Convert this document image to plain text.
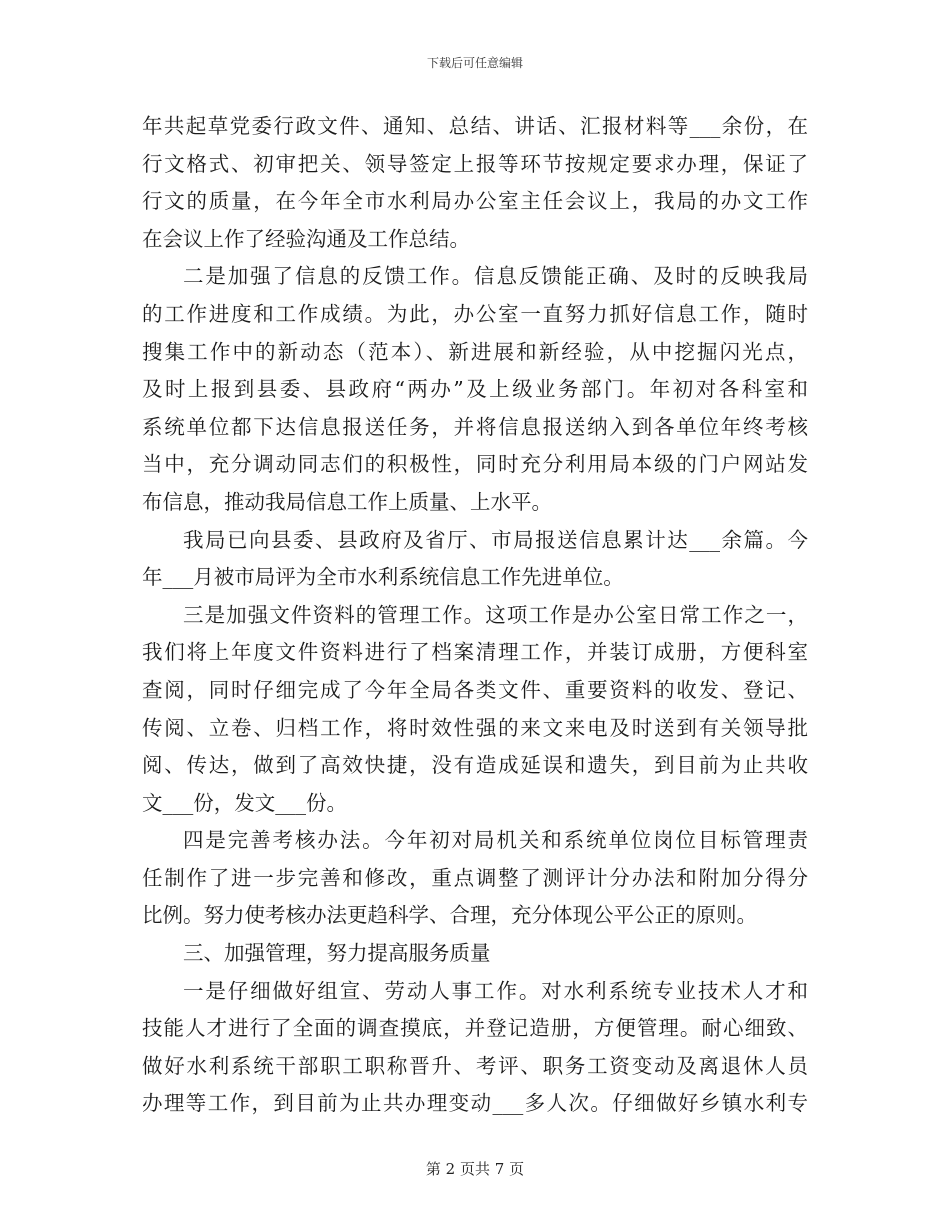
下载后可任意编辑
年共起草党委行政文件、通知、总结、讲话、汇报材料等___余份，在
行文格式、初审把关、领导签定上报等环节按规定要求办理，保证了
行文的质量，在今年全市水利局办公室主任会议上，我局的办文工作
在会议上作了经验沟通及工作总结。
二是加强了信息的反馈工作。信息反馈能正确、及时的反映我局
的工作进度和工作成绩。为此，办公室一直努力抓好信息工作，随时
搜集工作中的新动态（范本）、新进展和新经验，从中挖掘闪光点，
及时上报到县委、县政府“两办”及上级业务部门。年初对各科室和
系统单位都下达信息报送任务，并将信息报送纳入到各单位年终考核
当中，充分调动同志们的积极性，同时充分利用局本级的门户网站发
布信息，推动我局信息工作上质量、上水平。
我局已向县委、县政府及省厅、市局报送信息累计达___余篇。今
年___月被市局评为全市水利系统信息工作先进单位。
三是加强文件资料的管理工作。这项工作是办公室日常工作之一，
我们将上年度文件资料进行了档案清理工作，并装订成册，方便科室
查阅，同时仔细完成了今年全局各类文件、重要资料的收发、登记、
传阅、立卷、归档工作，将时效性强的来文来电及时送到有关领导批
阅、传达，做到了高效快捷，没有造成延误和遗失，到目前为止共收
文___份，发文___份。
四是完善考核办法。今年初对局机关和系统单位岗位目标管理责
任制作了进一步完善和修改，重点调整了测评计分办法和附加分得分
比例。努力使考核办法更趋科学、合理，充分体现公平公正的原则。
三、加强管理，努力提高服务质量
一是仔细做好组宣、劳动人事工作。对水利系统专业技术人才和
技能人才进行了全面的调查摸底，并登记造册，方便管理。耐心细致、
做好水利系统干部职工职称晋升、考评、职务工资变动及离退休人员
办理等工作，到目前为止共办理变动___多人次。仔细做好乡镇水利专
第 2 页共 7 页
